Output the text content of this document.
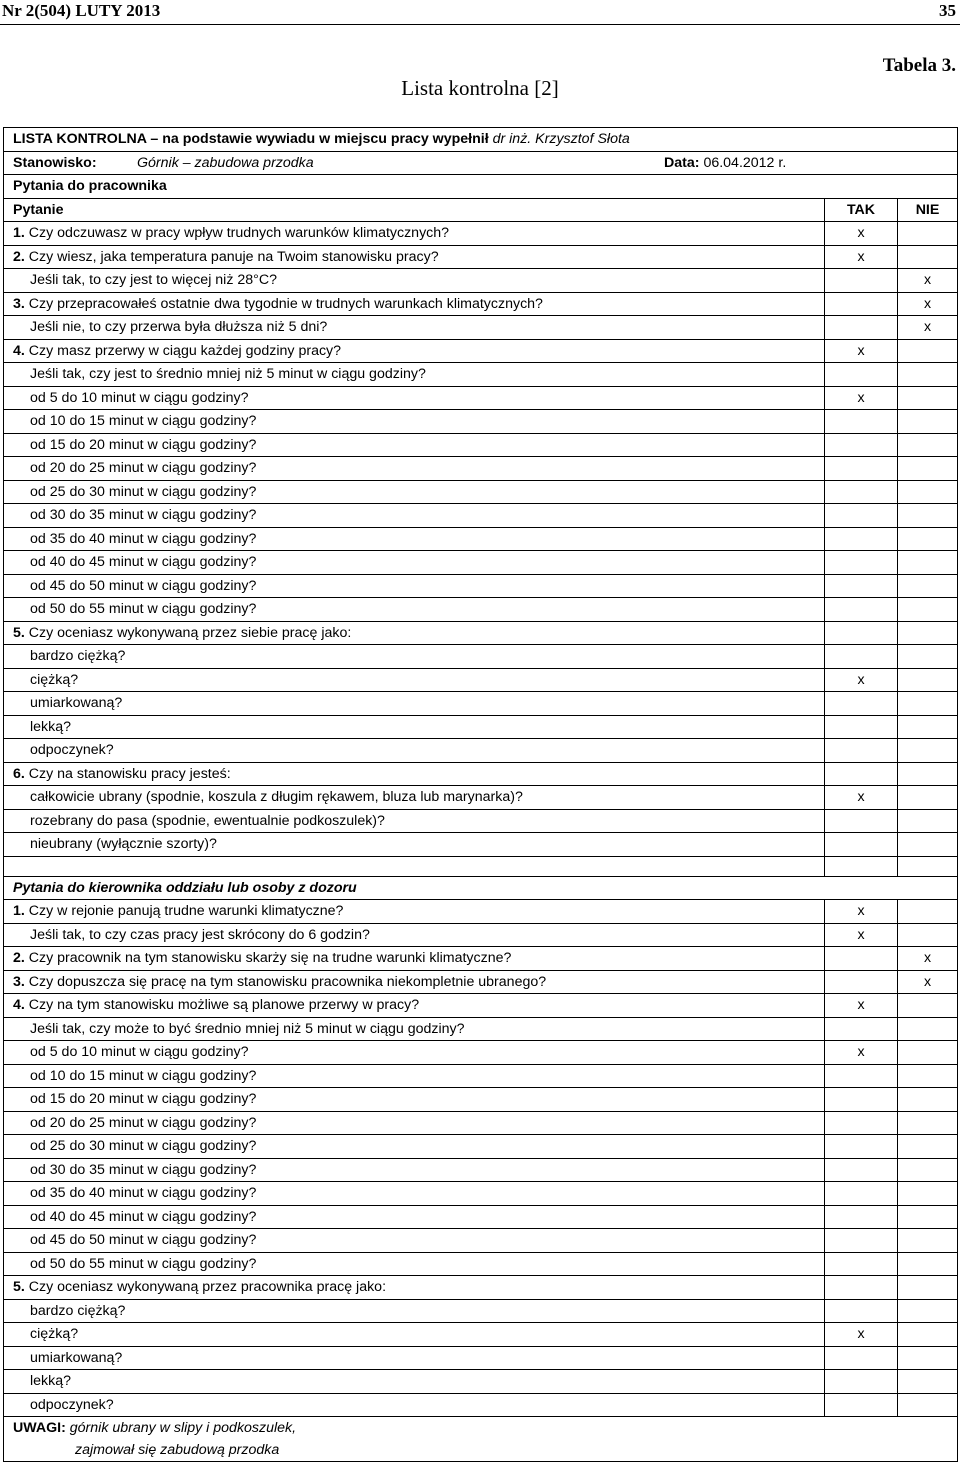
Nr 2(504) LUTY 2013	35
Tabela 3.
Lista kontrolna [2]
LISTA KONTROLNA – na podstawie wywiadu w miejscu pracy wypełnił dr inż. Krzysztof Słota		
Stanowisko: Górnik – zabudowa przodka Data: 06.04.2012 r.		

Pytania do pracownika		
Pytanie	TAK	NIE
1. Czy odczuwasz w pracy wpływ trudnych warunków klimatycznych?	x	
2. Czy wiesz, jaka temperatura panuje na Twoim stanowisku pracy?	x	
Jeśli tak, to czy jest to więcej niż 28°C?		x
3. Czy przepracowałeś ostatnie dwa tygodnie w trudnych warunkach klimatycznych?		x
Jeśli nie, to czy przerwa była dłuższa niż 5 dni?		x
4. Czy masz przerwy w ciągu każdej godziny pracy?	x	
Jeśli tak, czy jest to średnio mniej niż 5 minut w ciągu godziny?		
od 5 do 10 minut w ciągu godziny?	x	
od 10 do 15 minut w ciągu godziny?		
od 15 do 20 minut w ciągu godziny?		
od 20 do 25 minut w ciągu godziny?		
od 25 do 30 minut w ciągu godziny?		
od 30 do 35 minut w ciągu godziny?		
od 35 do 40 minut w ciągu godziny?		
od 40 do 45 minut w ciągu godziny?		
od 45 do 50 minut w ciągu godziny?		
od 50 do 55 minut w ciągu godziny?		
5. Czy oceniasz wykonywaną przez siebie pracę jako:		
bardzo ciężką?		
ciężką?	x	
umiarkowaną?		
lekką?		
odpoczynek?		
6. Czy na stanowisku pracy jesteś:		
całkowicie ubrany (spodnie, koszula z długim rękawem, bluza lub marynarka)?	x	
rozebrany do pasa (spodnie, ewentualnie podkoszulek)?		
nieubrany (wyłącznie szorty)?		

Pytania do kierownika oddziału lub osoby z dozoru		
1. Czy w rejonie panują trudne warunki klimatyczne?	x	
Jeśli tak, to czy czas pracy jest skrócony do 6 godzin?	x	
2. Czy pracownik na tym stanowisku skarży się na trudne warunki klimatyczne?		x
3. Czy dopuszcza się pracę na tym stanowisku pracownika niekompletnie ubranego?		x
4. Czy na tym stanowisku możliwe są planowe przerwy w pracy?	x	
Jeśli tak, czy może to być średnio mniej niż 5 minut w ciągu godziny?		
od 5 do 10 minut w ciągu godziny?	x	
od 10 do 15 minut w ciągu godziny?		
od 15 do 20 minut w ciągu godziny?		
od 20 do 25 minut w ciągu godziny?		
od 25 do 30 minut w ciągu godziny?		
od 30 do 35 minut w ciągu godziny?		
od 35 do 40 minut w ciągu godziny?		
od 40 do 45 minut w ciągu godziny?		
od 45 do 50 minut w ciągu godziny?		
od 50 do 55 minut w ciągu godziny?		
5. Czy oceniasz wykonywaną przez pracownika pracę jako:		
bardzo ciężką?		
ciężką?	x	
umiarkowaną?		
lekką?		
odpoczynek?		

UWAGI: górnik ubrany w slipy i podkoszulek,
zajmował się zabudową przodka		
